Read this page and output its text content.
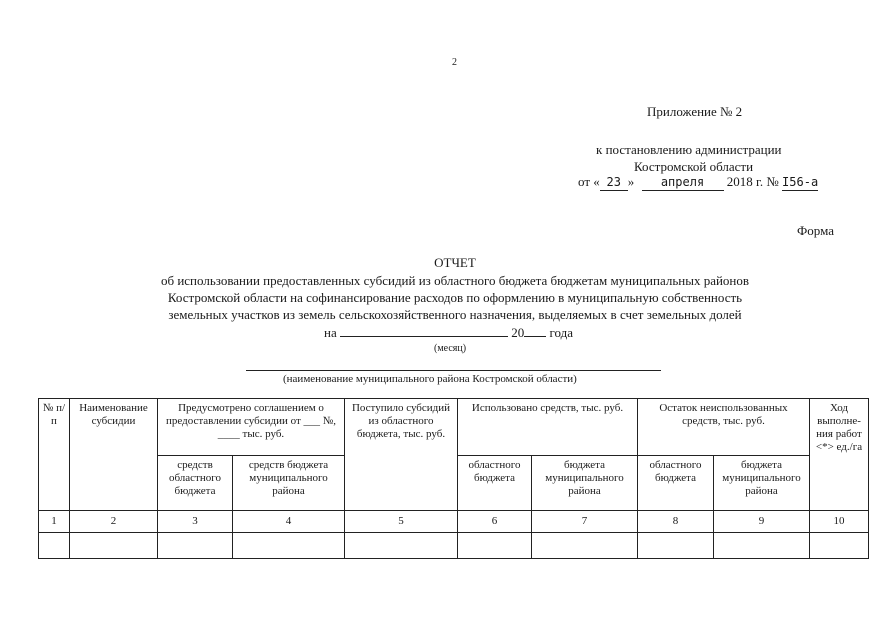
2
Приложение № 2
к постановлению администрации
Костромской области
от « 23 » апреля 2018 г. № I56-а
Форма
ОТЧЕТ
об использовании предоставленных субсидий из областного бюджета бюджетам муниципальных районов
Костромской области на софинансирование расходов по оформлению в муниципальную собственность
земельных участков из земель сельскохозяйственного назначения, выделяемых в счет земельных долей
на	20 года
(месяц)
(наименование муниципального района Костромской области)
№ п/п	Наименование субсидии	Предусмотрено соглашением о предоставлении субсидии от ___ №, ____ тыс. руб.		Поступило субсидий из областного бюджета, тыс. руб.	Использовано средств, тыс. руб.		Остаток неиспользованных средств, тыс. руб.		Ход выполне-ния работ <*> ед./га
		средств областного бюджета	средств бюджета муниципального района		областного бюджета	бюджета муниципального района	областного бюджета	бюджета муниципального района	
1	2	3	4	5	6	7	8	9	10
